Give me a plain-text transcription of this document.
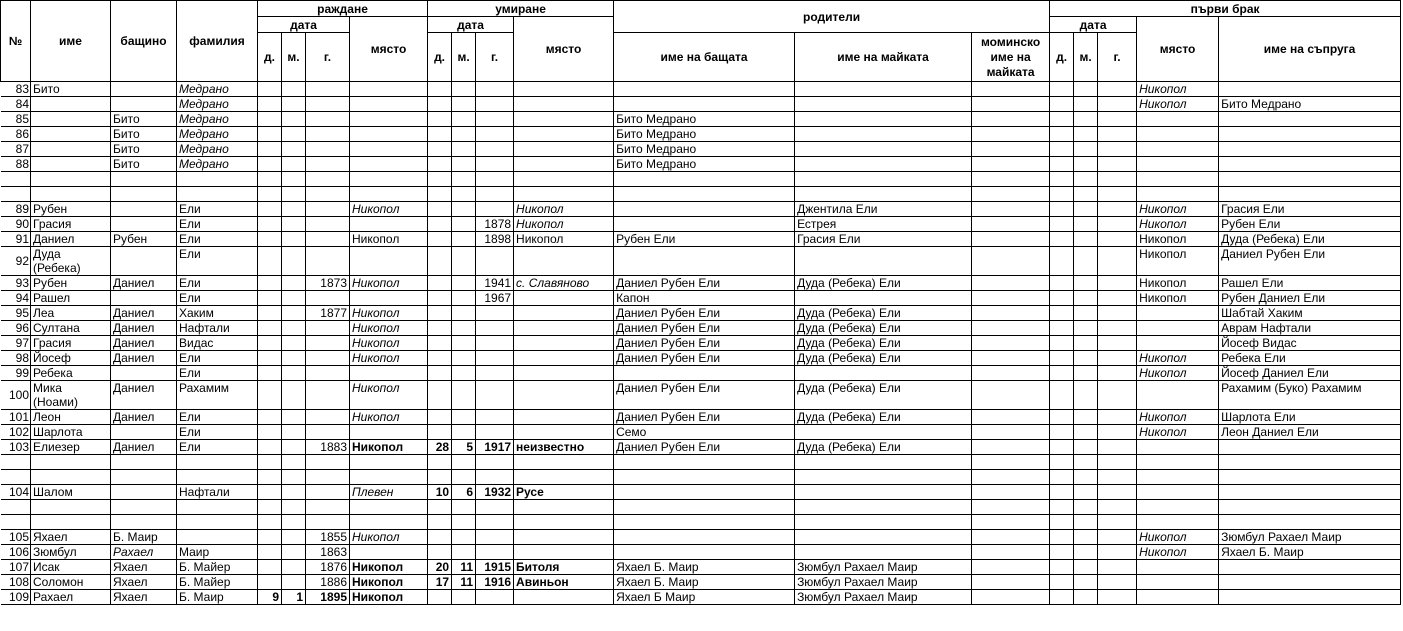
№	име	бащино	фамилия	раждане				умиране				родители			първи брак				
				дата			място	дата			място				дата			място	име на съпруга
				д.	м.	г.		д.	м.	г.		име на бащата	име на майката	моминско име на майката	д.	м.	г.		
83	Бито		Медрано															Никопол	
84			Медрано															Никопол	Бито Медрано
85		Бито	Медрано									Бито Медрано							
86		Бито	Медрано									Бито Медрано							
87		Бито	Медрано									Бито Медрано							
88		Бито	Медрано									Бито Медрано							

89	Рубен		Ели				Никопол				Никопол		Джентила Ели					Никопол	Грасия Ели
90	Грасия		Ели							1878	Никопол		Естрея					Никопол	Рубен Ели
91	Даниел	Рубен	Ели				Никопол			1898	Никопол	Рубен Ели	Грасия Ели					Никопол	Дуда (Ребека) Ели
92	Дуда (Ребека)		Ели															Никопол	Даниел Рубен Ели
93	Рубен	Даниел	Ели			1873	Никопол			1941	с. Славяново	Даниел Рубен Ели	Дуда (Ребека) Ели					Никопол	Рашел Ели
94	Рашел		Ели							1967		Капон						Никопол	Рубен Даниел Ели
95	Леа	Даниел	Хаким			1877	Никопол					Даниел Рубен Ели	Дуда (Ребека) Ели						Шабтай Хаким
96	Султана	Даниел	Нафтали				Никопол					Даниел Рубен Ели	Дуда (Ребека) Ели						Аврам Нафтали
97	Грасия	Даниел	Видас				Никопол					Даниел Рубен Ели	Дуда (Ребека) Ели						Йосеф Видас
98	Йосеф	Даниел	Ели				Никопол					Даниел Рубен Ели	Дуда (Ребека) Ели					Никопол	Ребека Ели
99	Ребека		Ели															Никопол	Йосеф Даниел Ели
100	Мика (Ноами)	Даниел	Рахамим				Никопол					Даниел Рубен Ели	Дуда (Ребека) Ели						Рахамим (Буко) Рахамим
101	Леон	Даниел	Ели				Никопол					Даниел Рубен Ели	Дуда (Ребека) Ели					Никопол	Шарлота Ели
102	Шарлота		Ели									Семо						Никопол	Леон Даниел Ели
103	Елиезер	Даниел	Ели			1883	Никопол	28	5	1917	неизвестно	Даниел Рубен Ели	Дуда (Ребека) Ели						

104	Шалом		Нафтали				Плевен	10	6	1932	Русе								

105	Яхаел	Б. Маир				1855	Никопол											Никопол	Зюмбул Рахаел Маир
106	Зюмбул	Рахаел	Маир			1863												Никопол	Яхаел Б. Маир
107	Исак	Яхаел	Б. Майер			1876	Никопол	20	11	1915	Битоля	Яхаел Б. Маир	Зюмбул Рахаел Маир						
108	Соломон	Яхаел	Б. Майер			1886	Никопол	17	11	1916	Авиньон	Яхаел Б. Маир	Зюмбул Рахаел Маир						
109	Рахаел	Яхаел	Б. Маир	9	1	1895	Никопол					Яхаел Б Маир	Зюмбул Рахаел Маир						
